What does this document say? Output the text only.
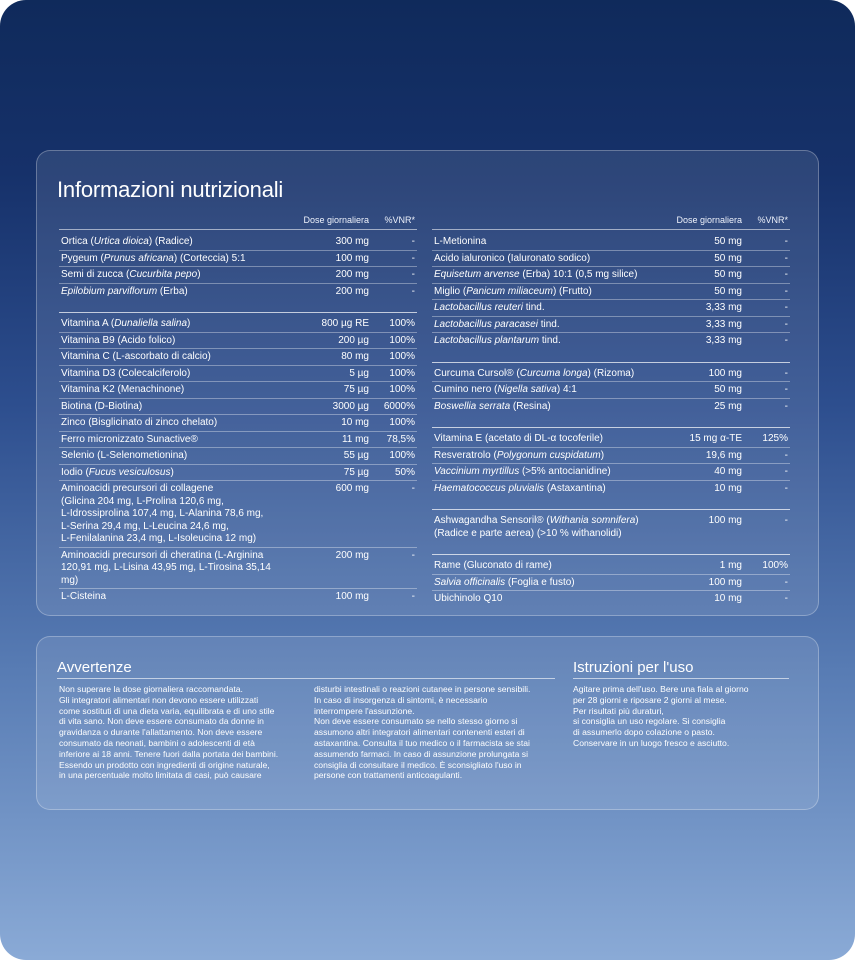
Informazioni nutrizionali
Dose giornaliera %VNR*
Ortica (Urtica dioica) (Radice)	300 mg	-
Pygeum (Prunus africana) (Corteccia) 5:1	100 mg	-
Semi di zucca (Cucurbita pepo)	200 mg	-
Epilobium parviflorum (Erba)	200 mg	-
Vitamina A (Dunaliella salina)	800 µg RE	100%
Vitamina B9 (Acido folico)	200 µg	100%
Vitamina C (L-ascorbato di calcio)	80 mg	100%
Vitamina D3 (Colecalciferolo)	5 µg	100%
Vitamina K2 (Menachinone)	75 µg	100%
Biotina (D-Biotina)	3000 µg	6000%
Zinco (Bisglicinato di zinco chelato)	10 mg	100%
Ferro micronizzato Sunactive®	11 mg	78,5%
Selenio (L-Selenometionina)	55 µg	100%
Iodio (Fucus vesiculosus)	75 µg	50%
Aminoacidi precursori di collagene
(Glicina 204 mg, L-Prolina 120,6 mg,
L-Idrossiprolina 107,4 mg, L-Alanina 78,6 mg,
L-Serina 29,4 mg, L-Leucina 24,6 mg,
L-Fenilalanina 23,4 mg, L-Isoleucina 12 mg)
600 mg	-
Aminoacidi precursori di cheratina (L-Arginina
120,91 mg, L-Lisina 43,95 mg, L-Tirosina 35,14 mg)
200 mg	-
L-Cisteina	100 mg	-
Dose giornaliera %VNR*
L-Metionina	50 mg	-
Acido ialuronico (Ialuronato sodico)	50 mg	-
Equisetum arvense (Erba) 10:1 (0,5 mg silice)	50 mg	-
Miglio (Panicum miliaceum) (Frutto)	50 mg	-
Lactobacillus reuteri tind.	3,33 mg	-
Lactobacillus paracasei tind.	3,33 mg	-
Lactobacillus plantarum tind.	3,33 mg	-
Curcuma Cursol® (Curcuma longa) (Rizoma)	100 mg	-
Cumino nero (Nigella sativa) 4:1	50 mg	-
Boswellia serrata (Resina)	25 mg	-
Vitamina E (acetato di DL-α tocoferile)	15 mg α-TE	125%
Resveratrolo (Polygonum cuspidatum)	19,6 mg	-
Vaccinium myrtillus (>5% antocianidine)	40 mg	-
Haematococcus pluvialis (Astaxantina)	10 mg	-
Ashwagandha Sensoril® (Withania somnifera)
(Radice e parte aerea) (>10 % withanolidi)
100 mg	-
Rame (Gluconato di rame)	1 mg	100%
Salvia officinalis (Foglia e fusto)	100 mg	-
Ubichinolo Q10	10 mg	-
Avvertenze
Non superare la dose giornaliera raccomandata.
Gli integratori alimentari non devono essere utilizzati
come sostituti di una dieta varia, equilibrata e di uno stile
di vita sano. Non deve essere consumato da donne in
gravidanza o durante l'allattamento. Non deve essere
consumato da neonati, bambini o adolescenti di età
inferiore ai 18 anni. Tenere fuori dalla portata dei bambini.
Essendo un prodotto con ingredienti di origine naturale,
in una percentuale molto limitata di casi, può causare
disturbi intestinali o reazioni cutanee in persone sensibili.
In caso di insorgenza di sintomi, è necessario
interrompere l'assunzione.
Non deve essere consumato se nello stesso giorno si
assumono altri integratori alimentari contenenti esteri di
astaxantina. Consulta il tuo medico o il farmacista se stai
assumendo farmaci. In caso di assunzione prolungata si
consiglia di consultare il medico. È sconsigliato l'uso in
persone con trattamenti anticoagulanti.
Istruzioni per l'uso
Agitare prima dell'uso. Bere una fiala al giorno
per 28 giorni e riposare 2 giorni al mese.
Per risultati più duraturi,
si consiglia un uso regolare. Si consiglia
di assumerlo dopo colazione o pasto.
Conservare in un luogo fresco e asciutto.
